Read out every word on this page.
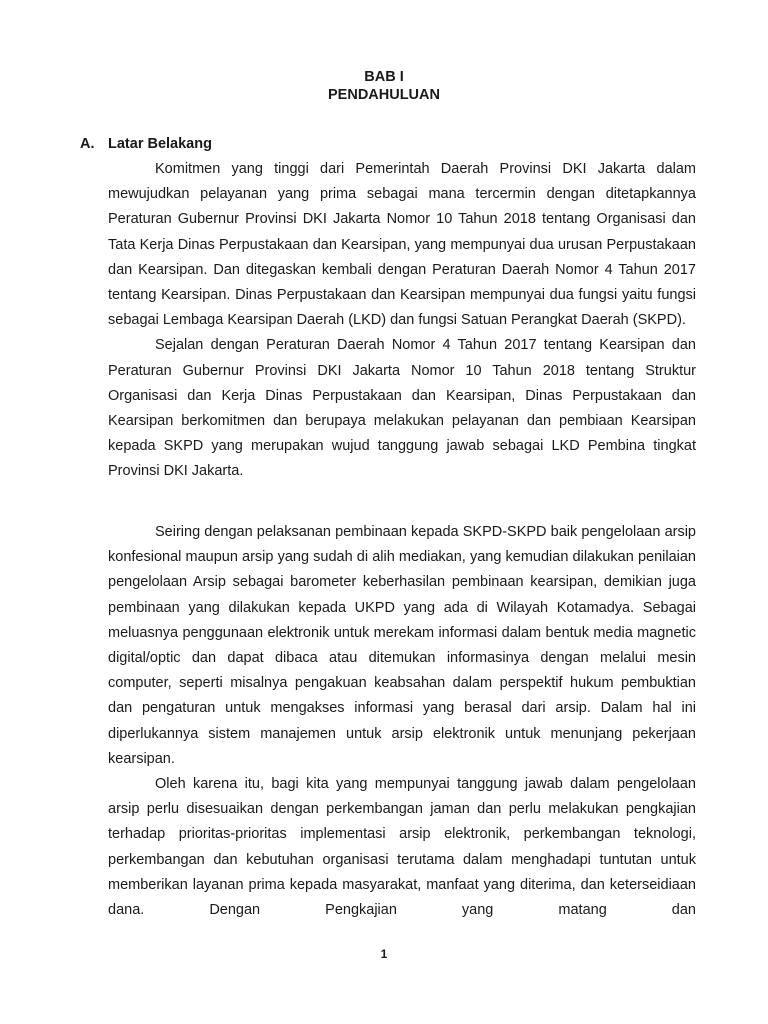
BAB I
PENDAHULUAN
A. Latar Belakang

Komitmen yang tinggi dari Pemerintah Daerah Provinsi DKI Jakarta dalam mewujudkan pelayanan yang prima sebagai mana tercermin dengan ditetapkannya Peraturan Gubernur Provinsi DKI Jakarta Nomor 10 Tahun 2018 tentang Organisasi dan Tata Kerja Dinas Perpustakaan dan Kearsipan, yang mempunyai dua urusan Perpustakaan dan Kearsipan. Dan ditegaskan kembali dengan Peraturan Daerah Nomor 4 Tahun 2017 tentang Kearsipan. Dinas Perpustakaan dan Kearsipan mempunyai dua fungsi yaitu fungsi sebagai Lembaga Kearsipan Daerah (LKD) dan fungsi Satuan Perangkat Daerah (SKPD).

Sejalan dengan Peraturan Daerah Nomor 4 Tahun 2017 tentang Kearsipan dan Peraturan Gubernur Provinsi DKI Jakarta Nomor 10 Tahun 2018 tentang Struktur Organisasi dan Kerja Dinas Perpustakaan dan Kearsipan, Dinas Perpustakaan dan Kearsipan berkomitmen dan berupaya melakukan pelayanan dan pembiaan Kearsipan kepada SKPD yang merupakan wujud tanggung jawab sebagai LKD Pembina tingkat Provinsi DKI Jakarta.

Seiring dengan pelaksanan pembinaan kepada SKPD-SKPD baik pengelolaan arsip konfesional maupun arsip yang sudah di alih mediakan, yang kemudian dilakukan penilaian pengelolaan Arsip sebagai barometer keberhasilan pembinaan kearsipan, demikian juga pembinaan yang dilakukan kepada UKPD yang ada di Wilayah Kotamadya. Sebagai meluasnya penggunaan elektronik untuk merekam informasi dalam bentuk media magnetic digital/optic dan dapat dibaca atau ditemukan informasinya dengan melalui mesin computer, seperti misalnya pengakuan keabsahan dalam perspektif hukum pembuktian dan pengaturan untuk mengakses informasi yang berasal dari arsip. Dalam hal ini diperlukannya sistem manajemen untuk arsip elektronik untuk menunjang pekerjaan kearsipan.

Oleh karena itu, bagi kita yang mempunyai tanggung jawab dalam pengelolaan arsip perlu disesuaikan dengan perkembangan jaman dan perlu melakukan pengkajian terhadap prioritas-prioritas implementasi arsip elektronik, perkembangan teknologi, perkembangan dan kebutuhan organisasi terutama dalam menghadapi tuntutan untuk memberikan layanan prima kepada masyarakat, manfaat yang diterima, dan keterseidiaan dana. Dengan Pengkajian yang matang dan

1
